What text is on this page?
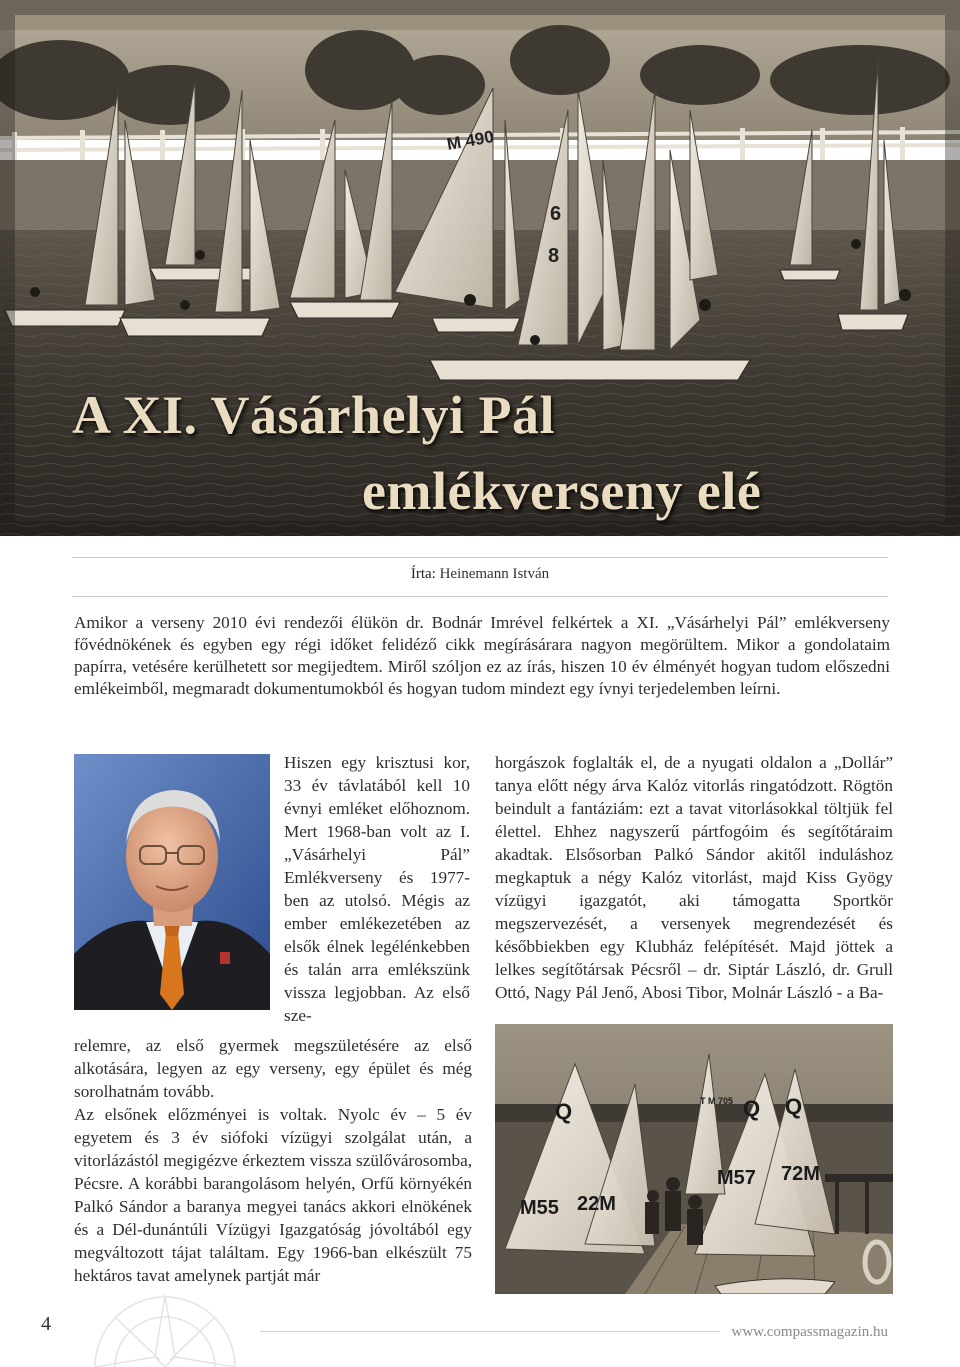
M 490
6
8
A XI. Vásárhelyi Pál
emlékverseny elé
Írta: Heinemann István

Amikor a verseny 2010 évi rendezői élükön dr. Bodnár Imrével felkértek a XI. „Vásárhelyi Pál” emlékverseny fővédnökének és egyben egy régi időket felidéző cikk megírásárara nagyon megörültem. Mikor a gondolataim papírra, vetésére kerülhetett sor megijedtem. Miről szóljon ez az írás, hiszen 10 év élményét hogyan tudom előszedni emlékeimből, megmaradt dokumentumokból és hogyan tudom mindezt egy ívnyi terjedelemben leírni.

Hiszen egy krisztusi kor, 33 év távlatából kell 10 évnyi emléket előhoznom. Mert 1968-ban volt az I. „Vásárhelyi Pál” Emlékverseny és 1977-ben az utolsó. Mégis az ember emlékezetében az elsők élnek legélénkebben és talán arra emlékszünk vissza legjobban. Az első sze-

relemre, az első gyermek megszületésére az első alkotására, legyen az egy verseny, egy épület és még sorolhatnám tovább.

Az elsőnek előzményei is voltak. Nyolc év – 5 év egyetem és 3 év siófoki vízügyi szolgálat után, a vitorlázástól megigézve érkeztem vissza szülővárosomba, Pécsre. A korábbi barangolásom helyén, Orfű környékén Palkó Sándor a baranya megyei tanács akkori elnökének és a Dél-dunántúli Vízügyi Igazgatóság jóvoltából egy megváltozott tájat találtam. Egy 1966-ban elkészült 75 hektáros tavat amelynek partját már

horgászok foglalták el, de a nyugati oldalon a „Dollár” tanya előtt négy árva Kalóz vitorlás ringatódzott. Rögtön beindult a fantáziám: ezt a tavat vitorlásokkal töltjük fel élettel. Ehhez nagyszerű pártfogóim és segítőtáraim akadtak. Elsősorban Palkó Sándor akitől induláshoz megkaptuk a négy Kalóz vitorlást, majd Kiss Gyögy vízügyi igazgatót, aki támogatta Sportkör megszervezését, a versenyek megrendezését és későbbiekben egy Klubház felépítését. Majd jöttek a lelkes segítőtársak Pécsről – dr. Siptár László, dr. Grull Ottó, Nagy Pál Jenő, Abosi Tibor, Molnár László - a Ba-

M55 22M
M57 72M
Q	Q Q
T M 705
4	www.compassmagazin.hu
